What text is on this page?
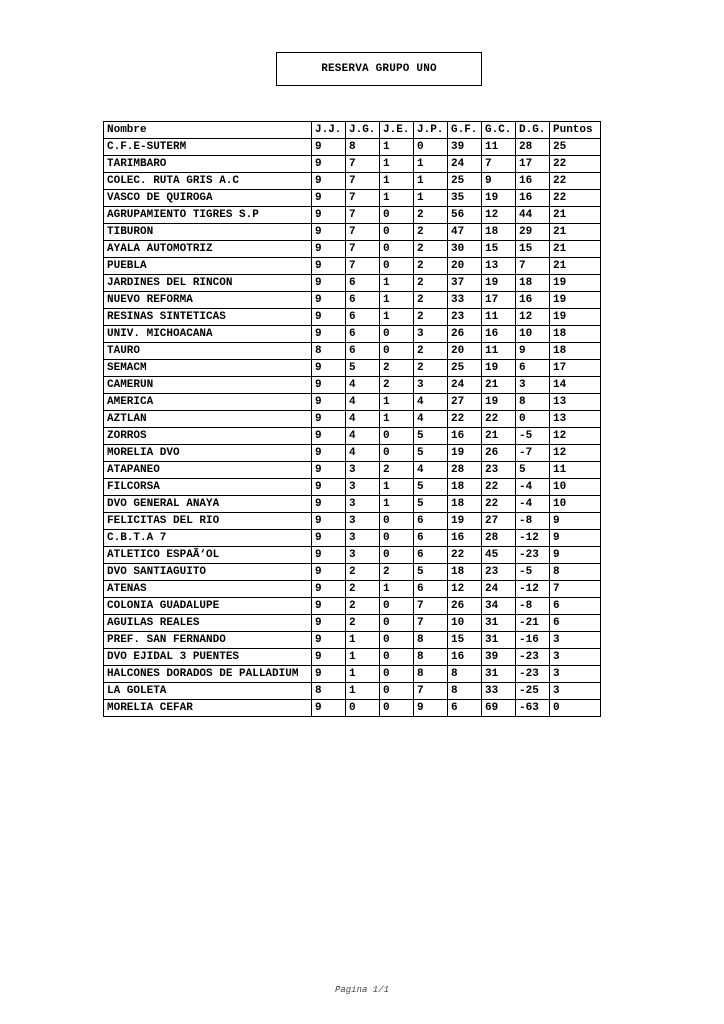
RESERVA GRUPO UNO
Nombre	J.J.	J.G.	J.E.	J.P.	G.F.	G.C.	D.G.	Puntos
C.F.E-SUTERM	9	8	1	0	39	11	28	25
TARIMBARO	9	7	1	1	24	7	17	22
COLEC. RUTA GRIS A.C	9	7	1	1	25	9	16	22
VASCO DE QUIROGA	9	7	1	1	35	19	16	22
AGRUPAMIENTO TIGRES S.P	9	7	0	2	56	12	44	21
TIBURON	9	7	0	2	47	18	29	21
AYALA AUTOMOTRIZ	9	7	0	2	30	15	15	21
PUEBLA	9	7	0	2	20	13	7	21
JARDINES DEL RINCON	9	6	1	2	37	19	18	19
NUEVO REFORMA	9	6	1	2	33	17	16	19
RESINAS SINTETICAS	9	6	1	2	23	11	12	19
UNIV. MICHOACANA	9	6	0	3	26	16	10	18
TAURO	8	6	0	2	20	11	9	18
SEMACM	9	5	2	2	25	19	6	17
CAMERUN	9	4	2	3	24	21	3	14
AMERICA	9	4	1	4	27	19	8	13
AZTLAN	9	4	1	4	22	22	0	13
ZORROS	9	4	0	5	16	21	-5	12
MORELIA DVO	9	4	0	5	19	26	-7	12
ATAPANEO	9	3	2	4	28	23	5	11
FILCORSA	9	3	1	5	18	22	-4	10
DVO GENERAL ANAYA	9	3	1	5	18	22	-4	10
FELICITAS DEL RIO	9	3	0	6	19	27	-8	9
C.B.T.A 7	9	3	0	6	16	28	-12	9
ATLETICO ESPAÃ‘OL	9	3	0	6	22	45	-23	9
DVO SANTIAGUITO	9	2	2	5	18	23	-5	8
ATENAS	9	2	1	6	12	24	-12	7
COLONIA GUADALUPE	9	2	0	7	26	34	-8	6
AGUILAS REALES	9	2	0	7	10	31	-21	6
PREF. SAN FERNANDO	9	1	0	8	15	31	-16	3
DVO EJIDAL 3 PUENTES	9	1	0	8	16	39	-23	3
HALCONES DORADOS DE PALLADIUM	9	1	0	8	8	31	-23	3
LA GOLETA	8	1	0	7	8	33	-25	3
MORELIA CEFAR	9	0	0	9	6	69	-63	0
Pagina 1/1
